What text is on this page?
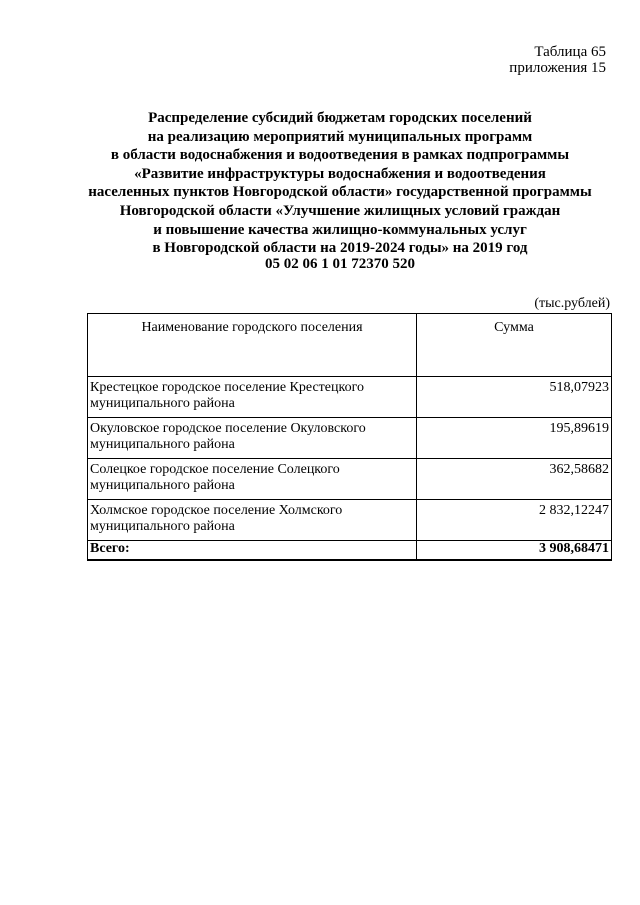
Таблица 65
приложения 15
Распределение субсидий бюджетам городских поселений
на реализацию мероприятий муниципальных программ
в области водоснабжения и водоотведения в рамках подпрограммы
«Развитие инфраструктуры водоснабжения и водоотведения
населенных пунктов Новгородской области» государственной программы
Новгородской области «Улучшение жилищных условий граждан
и повышение качества жилищно-коммунальных услуг
в Новгородской области на 2019-2024 годы» на 2019 год
05 02 06 1 01 72370 520
(тыс.рублей)
Наименование городского поселения	Сумма
Крестецкое городское поселение Крестецкого муниципального района	518,07923
Окуловское городское поселение Окуловского муниципального района	195,89619
Солецкое городское поселение Солецкого муниципального района	362,58682
Холмское городское поселение Холмского муниципального района	2 832,12247
Всего:	3 908,68471
